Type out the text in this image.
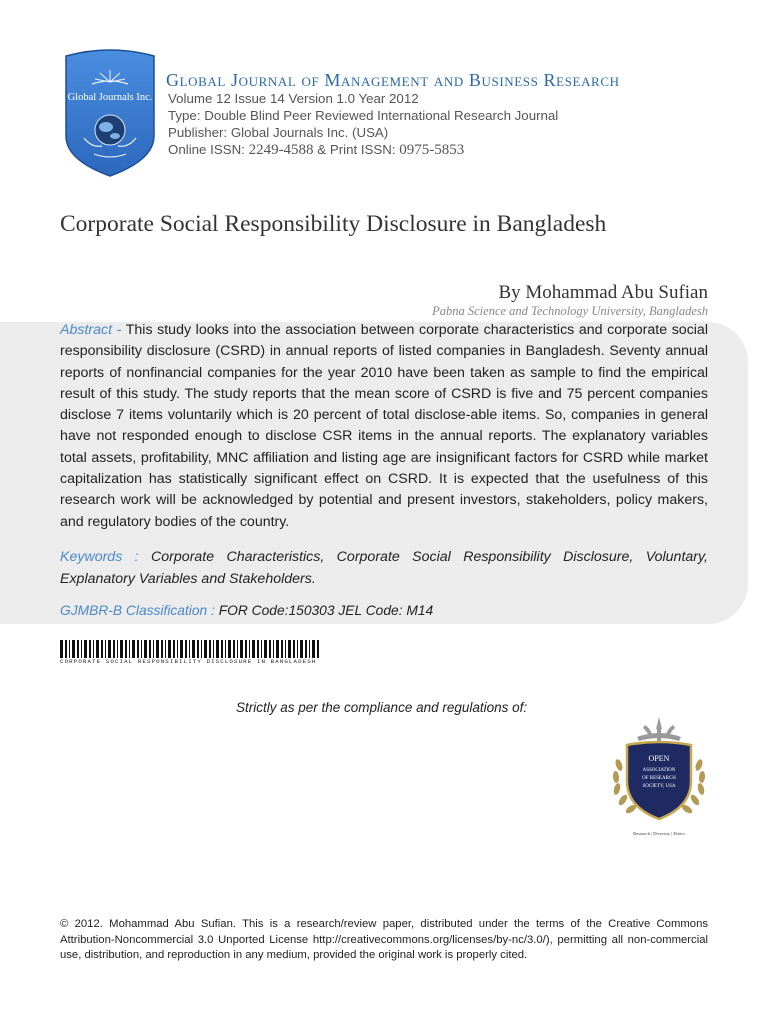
Global Journals Inc.
Global Journal of Management and Business Research
Volume 12 Issue 14 Version 1.0 Year 2012
Type: Double Blind Peer Reviewed International Research Journal
Publisher: Global Journals Inc. (USA)
Online ISSN: 2249-4588 & Print ISSN: 0975-5853
Corporate Social Responsibility Disclosure in Bangladesh
By Mohammad Abu Sufian
Pabna Science and Technology University, Bangladesh
Abstract - This study looks into the association between corporate characteristics and corporate social responsibility disclosure (CSRD) in annual reports of listed companies in Bangladesh. Seventy annual reports of nonfinancial companies for the year 2010 have been taken as sample to find the empirical result of this study. The study reports that the mean score of CSRD is five and 75 percent companies disclose 7 items voluntarily which is 20 percent of total disclose-able items. So, companies in general have not responded enough to disclose CSR items in the annual reports. The explanatory variables total assets, profitability, MNC affiliation and listing age are insignificant factors for CSRD while market capitalization has statistically significant effect on CSRD. It is expected that the usefulness of this research work will be acknowledged by potential and present investors, stakeholders, policy makers, and regulatory bodies of the country.
Keywords : Corporate Characteristics, Corporate Social Responsibility Disclosure, Voluntary, Explanatory Variables and Stakeholders.
GJMBR-B Classification : FOR Code:150303 JEL Code: M14
CORPORATE SOCIAL RESPONSIBILITY DISCLOSURE IN BANGLADESH
Strictly as per the compliance and regulations of:
OPEN
ASSOCIATION
OF RESEARCH
SOCIETY, USA
Research | Diversity | Ethics
© 2012. Mohammad Abu Sufian. This is a research/review paper, distributed under the terms of the Creative Commons Attribution-Noncommercial 3.0 Unported License http://creativecommons.org/licenses/by-nc/3.0/), permitting all non-commercial use, distribution, and reproduction in any medium, provided the original work is properly cited.
